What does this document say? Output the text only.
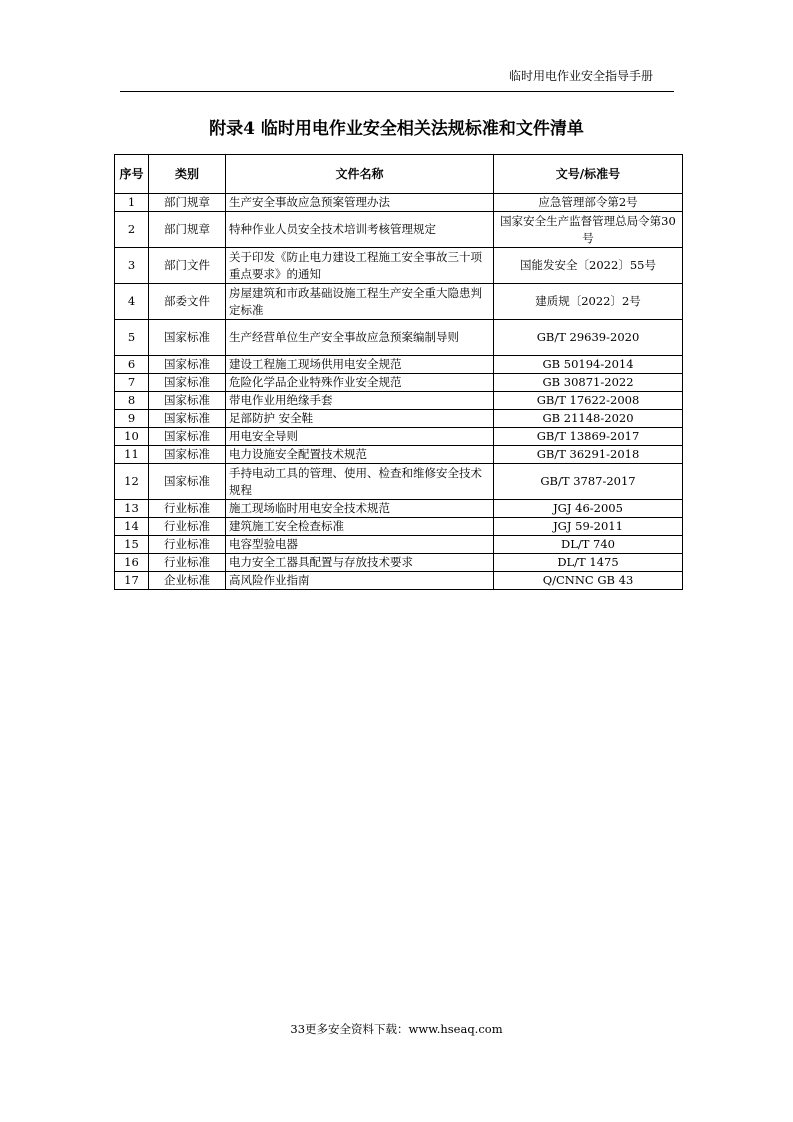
临时用电作业安全指导手册
附录4 临时用电作业安全相关法规标准和文件清单
序号	类别	文件名称	文号/标准号
1	部门规章	生产安全事故应急预案管理办法	应急管理部令第2号
2	部门规章	特种作业人员安全技术培训考核管理规定	国家安全生产监督管理总局令第30号
3	部门文件	关于印发《防止电力建设工程施工安全事故三十项重点要求》的通知	国能发安全〔2022〕55号
4	部委文件	房屋建筑和市政基础设施工程生产安全重大隐患判定标准	建质规〔2022〕2号
5	国家标准	生产经营单位生产安全事故应急预案编制导则	GB/T 29639-2020
6	国家标准	建设工程施工现场供用电安全规范	GB 50194-2014
7	国家标准	危险化学品企业特殊作业安全规范	GB 30871-2022
8	国家标准	带电作业用绝缘手套	GB/T 17622-2008
9	国家标准	足部防护 安全鞋	GB 21148-2020
10	国家标准	用电安全导则	GB/T 13869-2017
11	国家标准	电力设施安全配置技术规范	GB/T 36291-2018
12	国家标准	手持电动工具的管理、使用、检查和维修安全技术规程	GB/T 3787-2017
13	行业标准	施工现场临时用电安全技术规范	JGJ 46-2005
14	行业标准	建筑施工安全检查标准	JGJ 59-2011
15	行业标准	电容型验电器	DL/T 740
16	行业标准	电力安全工器具配置与存放技术要求	DL/T 1475
17	企业标准	高风险作业指南	Q/CNNC GB 43
33更多安全资料下载：www.hseaq.com
